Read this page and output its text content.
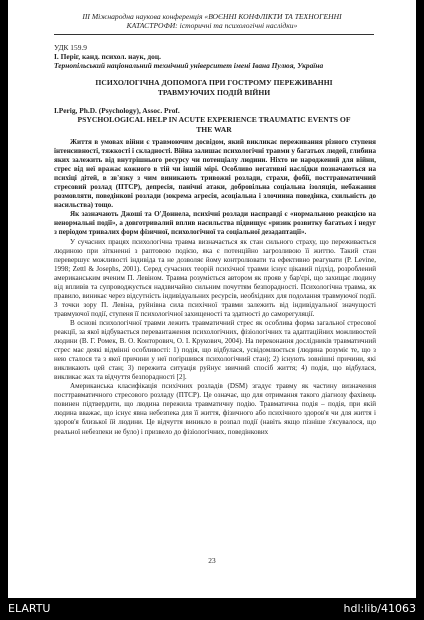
III Міжнародна наукова конференція «ВОЄННІ КОНФЛІКТИ ТА ТЕХНОГЕННІ
КАТАСТРОФИ: історичні та психологічні наслідки»
УДК 159.9
І. Періг, канд. психол. наук, доц.
Тернопільський національний технічний університет імені Івана Пулюя, Україна
ПСИХОЛОГІЧНА ДОПОМОГА ПРИ ГОСТРОМУ ПЕРЕЖИВАННІ
ТРАВМУЮЧИХ ПОДІЙ ВІЙНИ
I.Perig, Ph.D. (Psychology), Assoc. Prof.
PSYCHOLOGICAL HELP IN ACUTE EXPERIENCE TRAUMATIC EVENTS OF
THE WAR

Життя в умовах війни є травмоючим досвідом, який викликає переживання різного ступеня інтенсивності, тяжкості і складності. Війна залишає психологічні травми у багатьох людей, глибина яких залежить від внутрішнього ресурсу чи потенціалу людини. Ніхто не народжений для війни, стрес від неї вражає кожного в тій чи іншій мірі. Особливо негативні наслідки позначаються на психіці дітей, в зв'язку з чим виникають тривожні розлади, страхи, фобії, посттравматичний стресовий розлад (ПТСР), депресія, панічні атаки, добровільна соціальна ізоляція, небажання розмовляти, поведінкові розлади (зокрема агресія, асоціальна і злочинна поведінка, схильність до насильства) тощо.

Як зазначають Джоші та О'Доннела, психічні розлади насправді є «нормальною реакцією на ненормальні події», а довготривалий вплив насильства підвищує «ризик розвитку багатьох і недуг з періодом тривалих форм фізичної, психологічної та соціальної дезадаптації».

У сучасних працях психологічна травма визначається як стан сильного страху, що переживається людиною при зіткненні з раптовою подією, яка є потенційно загрозливою її життю. Такий стан перевершує можливості індивіда та не дозволяє йому контролювати та ефективно реагувати (P. Levine, 1998; Zettl & Josephs, 2001). Серед сучасних теорій психічної травми існує цікавий підхід, розроблений американським вченим П. Левіном. Травма розуміється автором як прояв у бар'єрі, що захищає людину від впливів та супроводжується надзвичайно сильним почуттям безпорадності. Психологічна травма, як правило, виникає через відсутність індивідуальних ресурсів, необхідних для подолання травмуючої події. З точки зору П. Левіна, руйнівна сила психічної травми залежить від індивідуальної значущості травмуючої події, ступеня її психологічної захищеності та здатності до саморегуляції.

В основі психологічної травми лежить травматичний стрес як особлива форма загальної стресової реакції, за якої відбувається перевантаження психологічних, фізіологічних та адаптаційних можливостей людини (В. Г. Ромек, В. О. Конторович, О. І. Крукович, 2004). На переконання дослідників травматичний стрес має деякі відмінні особливості: 1) подія, що відбулася, усвідомлюється (людина розуміє те, що з нею сталося та з якої причини у неї погіршився психологічний стан); 2) існують зовнішні причини, які викликають цей стан; 3) пережита ситуація руйнує звичний спосіб життя; 4) подія, що відбулася, викликає жах та відчуття безпорадності [2].

Американська класифікація психічних розладів (DSM) згадує травму як частину визначення посттравматичного стресового розладу (ПТСР). Це означає, що для отримання такого діагнозу фахівець повинен підтвердити, що людина пережила травматичну подію. Травматична подія – подія, при якій людина вважає, що існує явна небезпека для її життя, фізичного або психічного здоров'я чи для життя і здоров'я близької їй людини. Це відчуття виникло в розпал події (навіть якщо пізніше з'ясувалося, що реальної небезпеки не було) і призвело до фізіологічних, поведінкових

23
ELARTU	hdl:lib/41063
